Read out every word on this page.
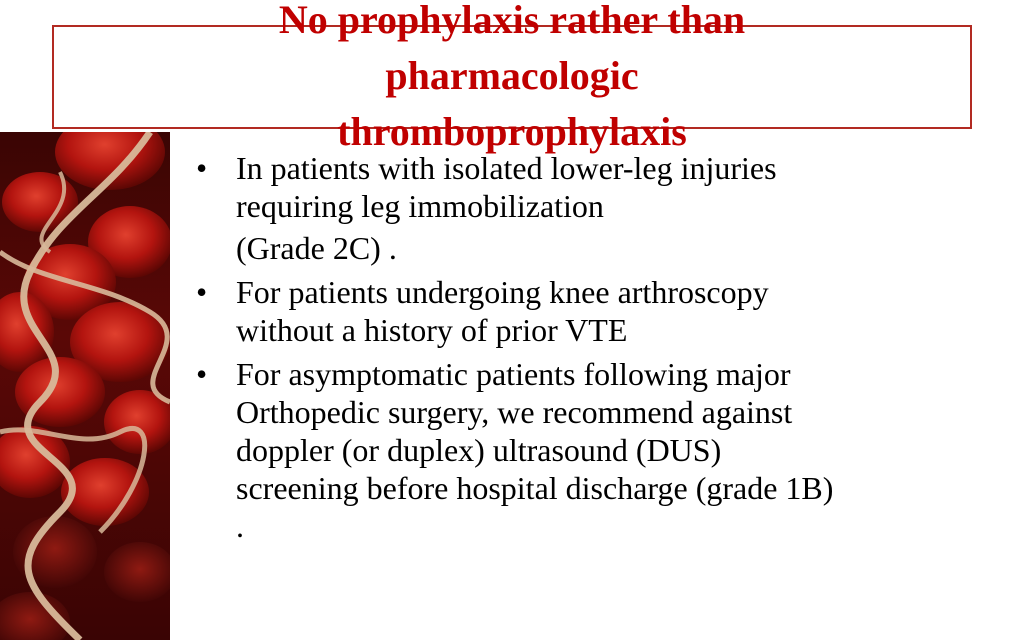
No prophylaxis rather than
pharmacologic
thromboprophylaxis
• In patients with isolated lower-leg injuries
requiring leg immobilization
(Grade 2C) .
• For patients undergoing knee arthroscopy
without a history of prior VTE
• For asymptomatic patients following major
Orthopedic surgery, we recommend against
doppler (or duplex) ultrasound (DUS)
screening before hospital discharge (grade 1B)
.
